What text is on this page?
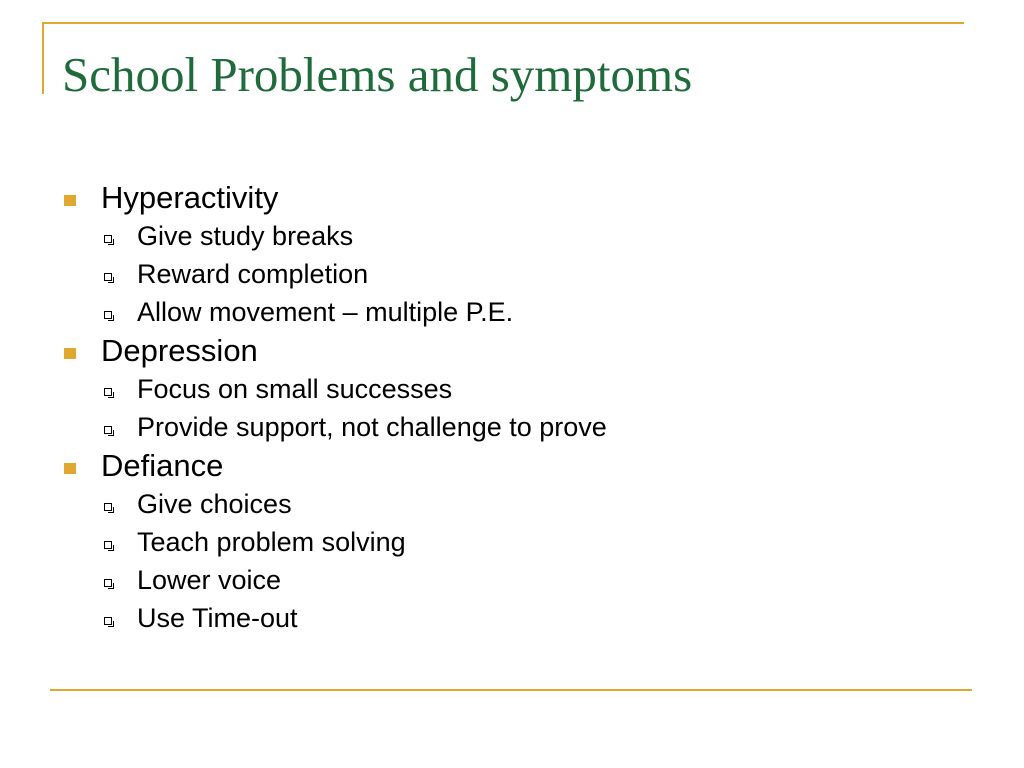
School Problems and symptoms
Hyperactivity
Give study breaks
Reward completion
Allow movement – multiple P.E.
Depression
Focus on small successes
Provide support, not challenge to prove
Defiance
Give choices
Teach problem solving
Lower voice
Use Time-out
